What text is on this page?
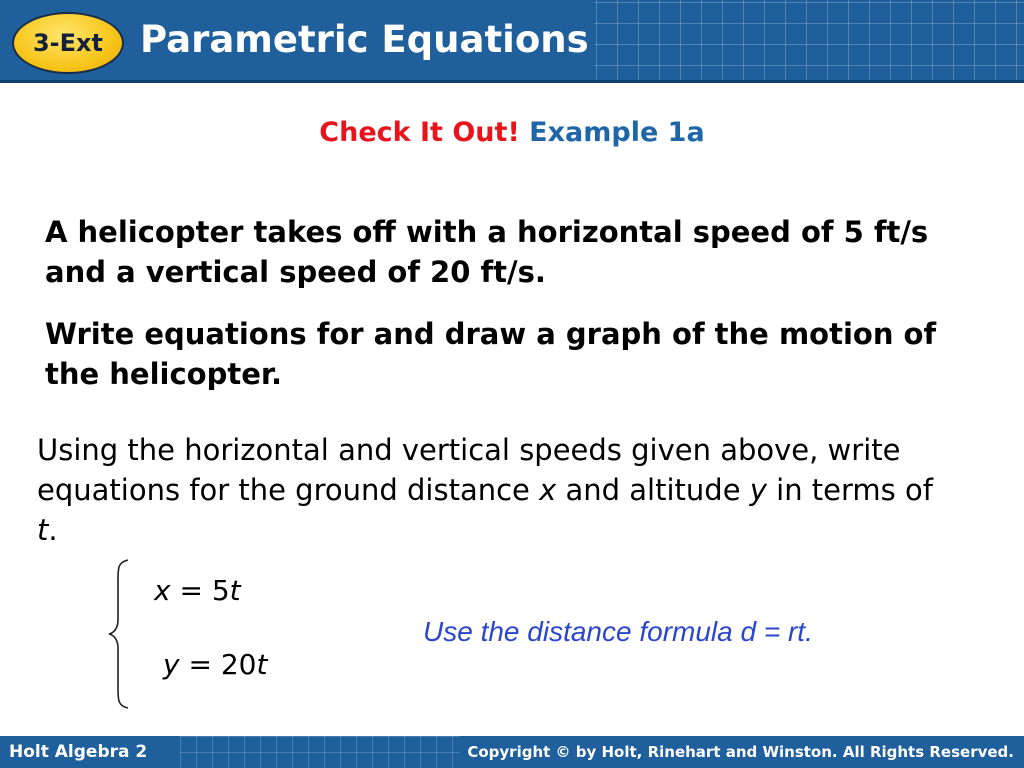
3-Ext Parametric Equations
Check It Out! Example 1a
A helicopter takes off with a horizontal speed of 5 ft/s and a vertical speed of 20 ft/s.
Write equations for and draw a graph of the motion of the helicopter.
Using the horizontal and vertical speeds given above, write equations for the ground distance x and altitude y in terms of t.
x = 5t
y = 20t
Use the distance formula d = rt.
Holt Algebra 2	Copyright © by Holt, Rinehart and Winston. All Rights Reserved.
